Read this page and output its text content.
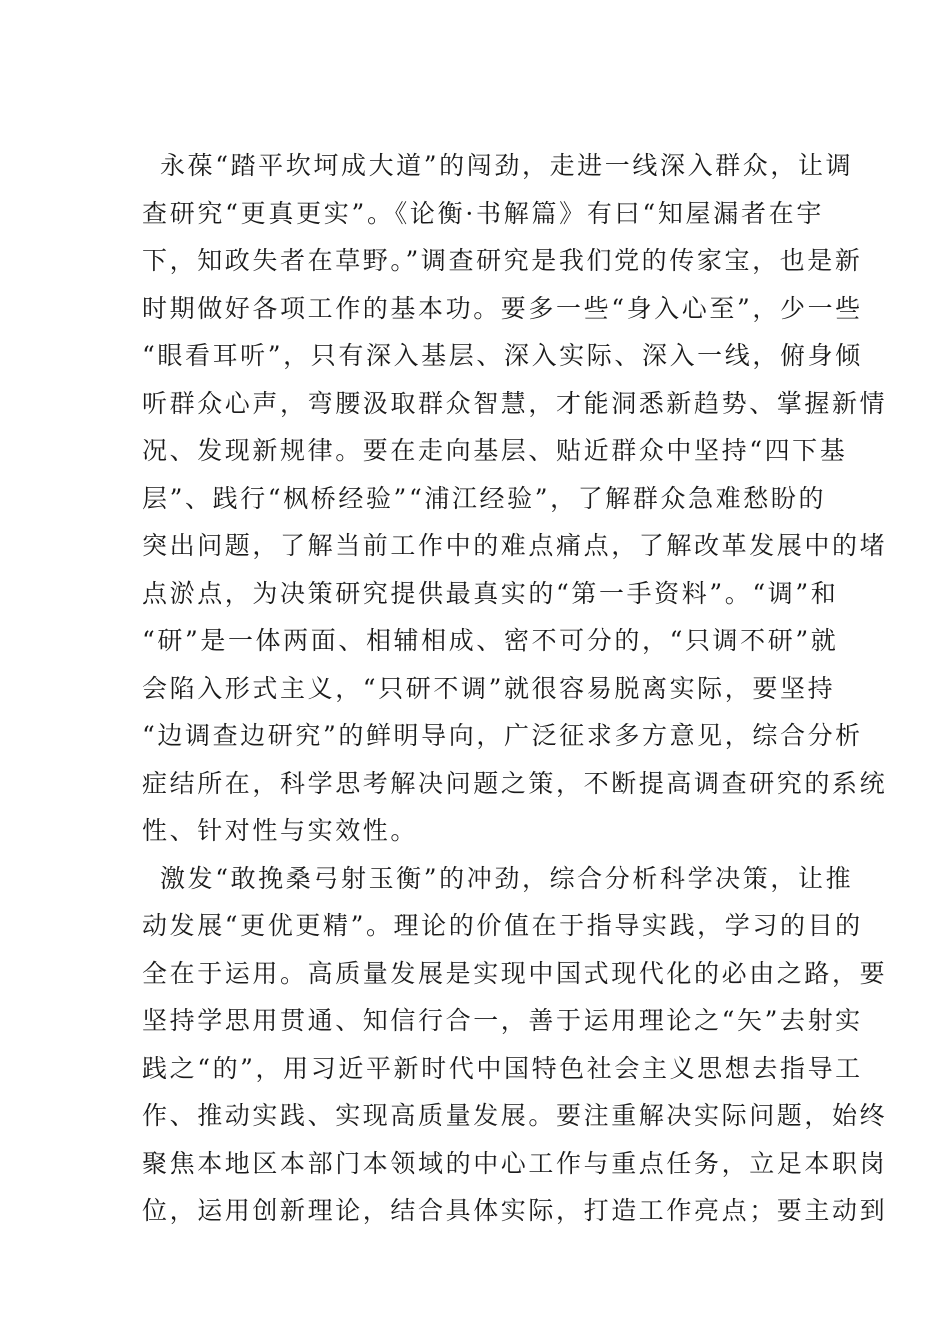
永葆“踏平坎坷成大道”的闯劲，走进一线深入群众，让调
查研究“更真更实”。《论衡·书解篇》有曰“知屋漏者在宇
下，知政失者在草野。”调查研究是我们党的传家宝，也是新
时期做好各项工作的基本功。要多一些“身入心至”，少一些
“眼看耳听”，只有深入基层、深入实际、深入一线，俯身倾
听群众心声，弯腰汲取群众智慧，才能洞悉新趋势、掌握新情
况、发现新规律。要在走向基层、贴近群众中坚持“四下基
层”、践行“枫桥经验”“浦江经验”，了解群众急难愁盼的
突出问题，了解当前工作中的难点痛点，了解改革发展中的堵
点淤点，为决策研究提供最真实的“第一手资料”。“调”和
“研”是一体两面、相辅相成、密不可分的，“只调不研”就
会陷入形式主义，“只研不调”就很容易脱离实际，要坚持
“边调查边研究”的鲜明导向，广泛征求多方意见，综合分析
症结所在，科学思考解决问题之策，不断提高调查研究的系统
性、针对性与实效性。
激发“敢挽桑弓射玉衡”的冲劲，综合分析科学决策，让推
动发展“更优更精”。理论的价值在于指导实践，学习的目的
全在于运用。高质量发展是实现中国式现代化的必由之路，要
坚持学思用贯通、知信行合一，善于运用理论之“矢”去射实
践之“的”，用习近平新时代中国特色社会主义思想去指导工
作、推动实践、实现高质量发展。要注重解决实际问题，始终
聚焦本地区本部门本领域的中心工作与重点任务，立足本职岗
位，运用创新理论，结合具体实际，打造工作亮点；要主动到
